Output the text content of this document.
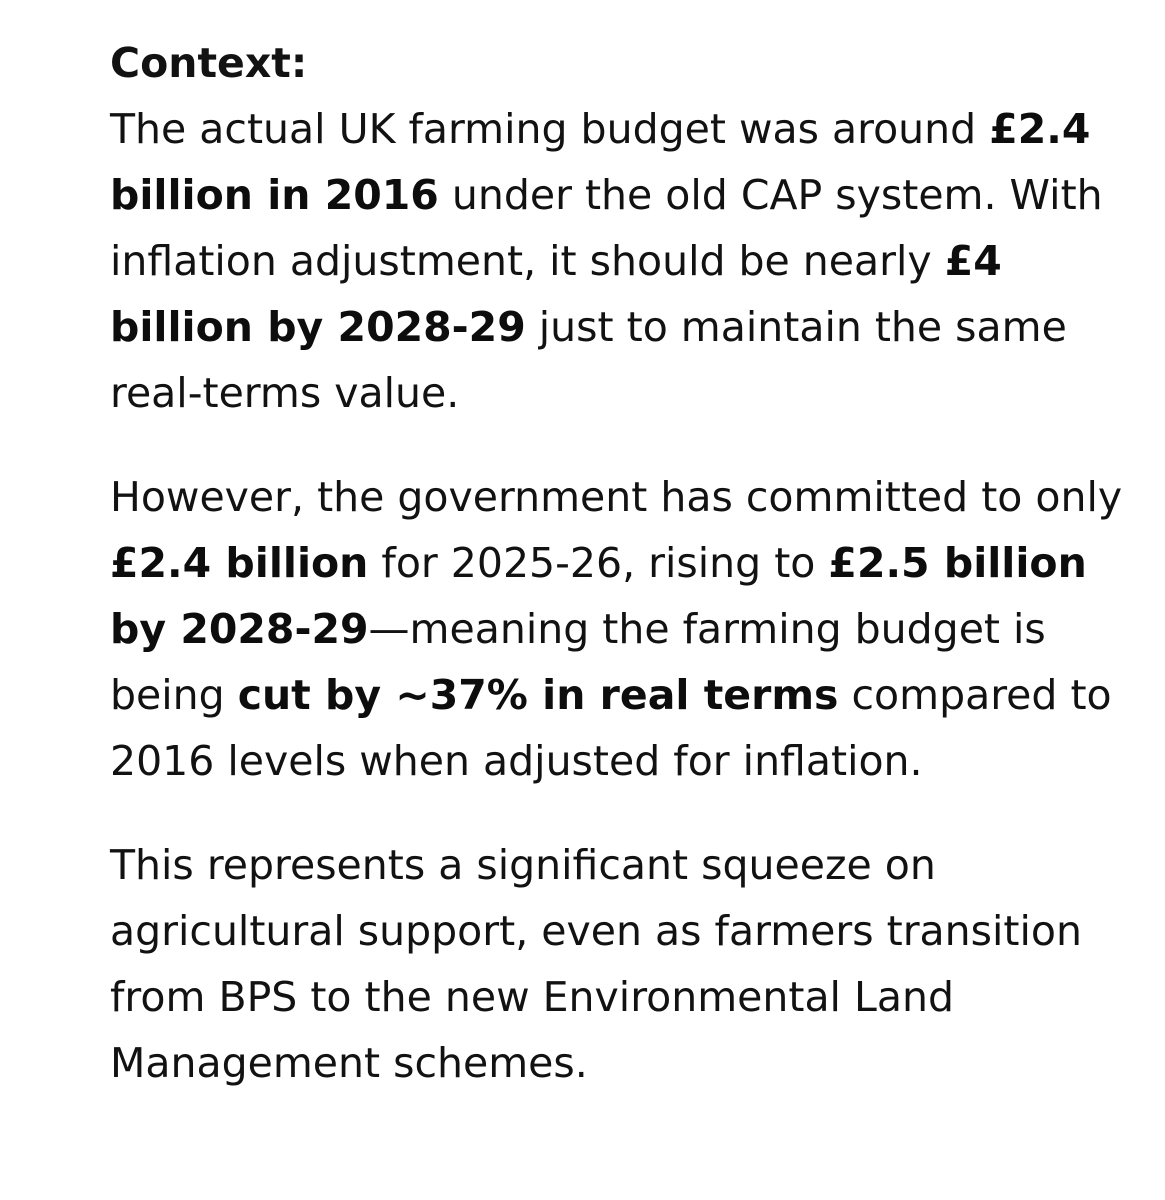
Context:

The actual UK farming budget was around £2.4 billion in 2016 under the old CAP system. With inflation adjustment, it should be nearly £4 billion by 2028-29 just to maintain the same real-terms value.

However, the government has committed to only £2.4 billion for 2025-26, rising to £2.5 billion by 2028-29—meaning the farming budget is being cut by ~37% in real terms compared to 2016 levels when adjusted for inflation.

This represents a significant squeeze on agricultural support, even as farmers transition from BPS to the new Environmental Land Management schemes.
